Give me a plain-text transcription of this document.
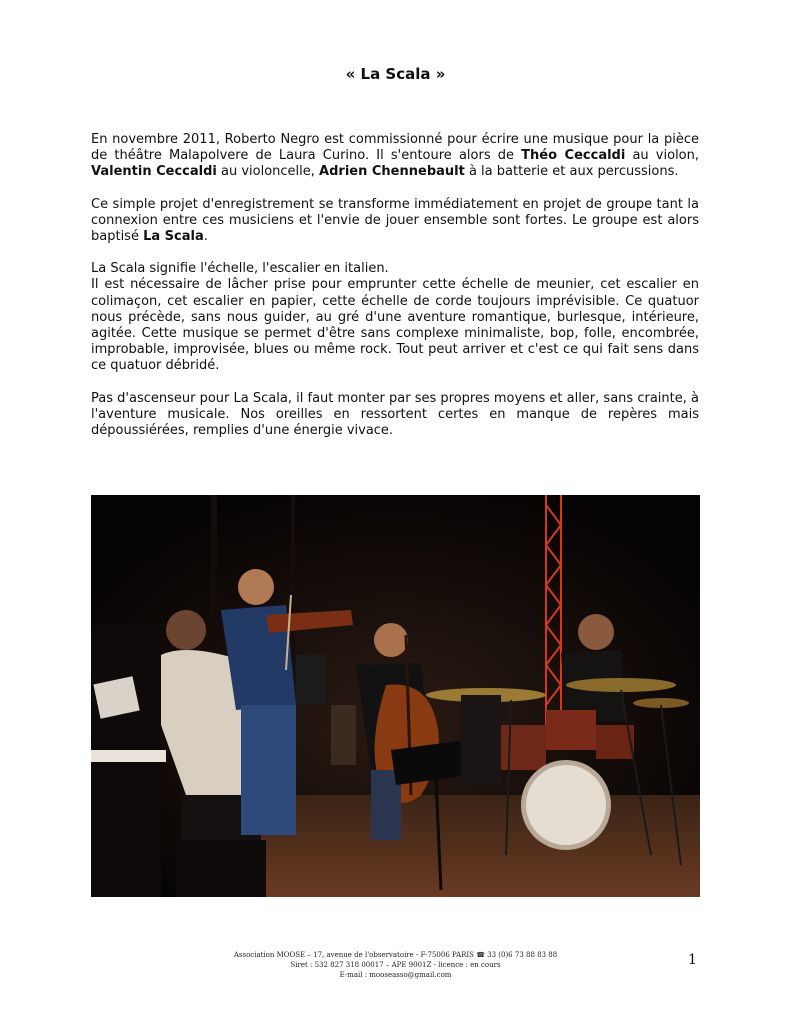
« La Scala »

En novembre 2011, Roberto Negro est commissionné pour écrire une musique pour la pièce de théâtre Malapolvere de Laura Curino. Il s'entoure alors de Théo Ceccaldi au violon, Valentin Ceccaldi au violoncelle, Adrien Chennebault à la batterie et aux percussions.

Ce simple projet d'enregistrement se transforme immédiatement en projet de groupe tant la connexion entre ces musiciens et l'envie de jouer ensemble sont fortes. Le groupe est alors baptisé La Scala.

La Scala signifie l'échelle, l'escalier en italien.

Il est nécessaire de lâcher prise pour emprunter cette échelle de meunier, cet escalier en colimaçon, cet escalier en papier, cette échelle de corde toujours imprévisible. Ce quatuor nous précède, sans nous guider, au gré d'une aventure romantique, burlesque, intérieure, agitée. Cette musique se permet d'être sans complexe minimaliste, bop, folle, encombrée, improbable, improvisée, blues ou même rock. Tout peut arriver et c'est ce qui fait sens dans ce quatuor débridé.

Pas d'ascenseur pour La Scala, il faut monter par ses propres moyens et aller, sans crainte, à l'aventure musicale. Nos oreilles en ressortent certes en manque de repères mais dépoussiérées, remplies d'une énergie vivace.

Association MOOSE – 17, avenue de l'observatoire - F-75006 PARIS ☎ 33 (0)6 73 88 83 88
Siret : 532 827 318 00017 – APE 9001Z - licence : en cours
E-mail : mooseasso@gmail.com
1
